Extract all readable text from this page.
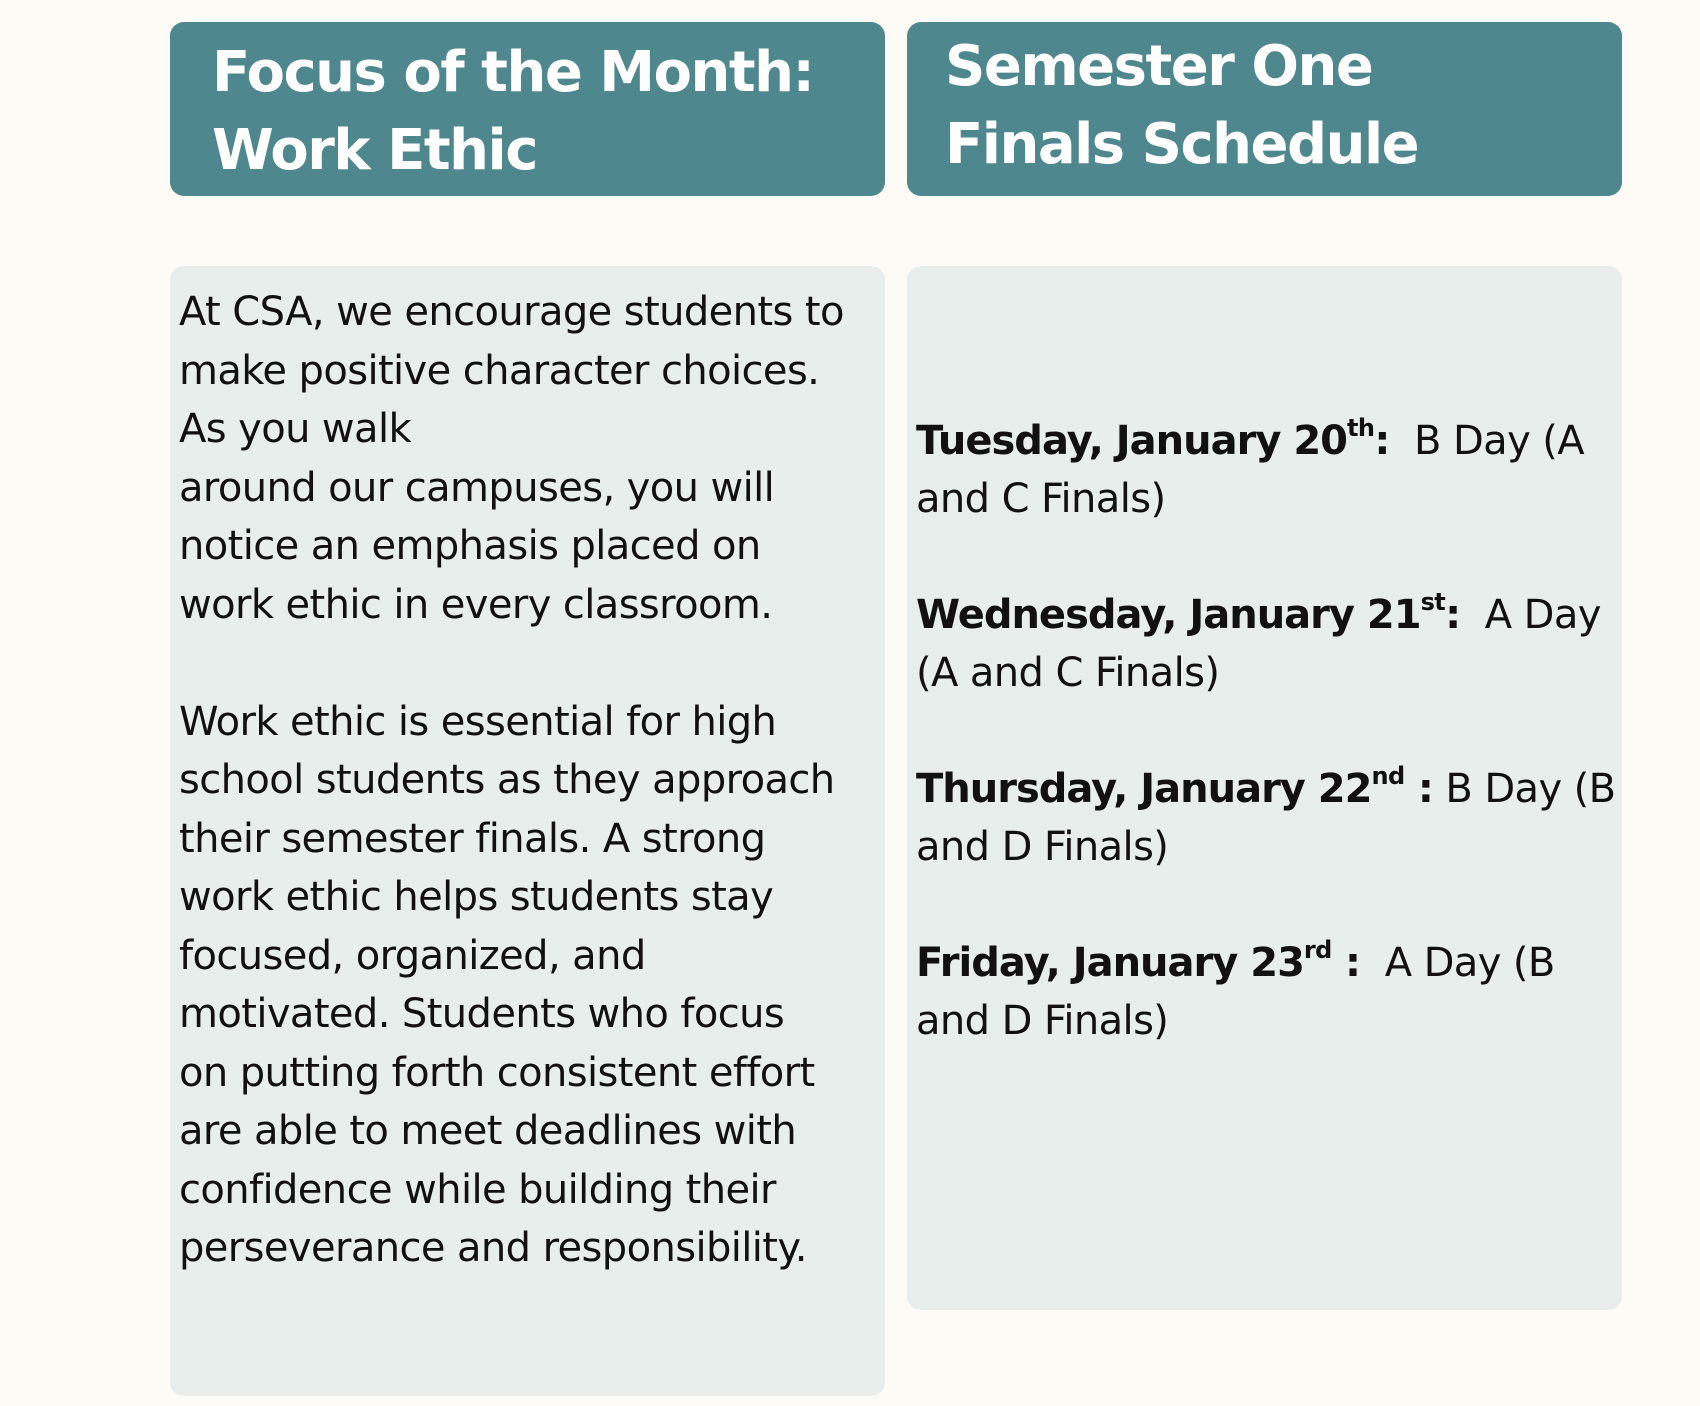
Focus of the Month:
Work Ethic
Semester One
Finals Schedule
At CSA, we encourage students to
make positive character choices.
As you walk
around our campuses, you will
notice an emphasis placed on
work ethic in every classroom.
Work ethic is essential for high
school students as they approach
their semester finals. A strong
work ethic helps students stay
focused, organized, and
motivated. Students who focus
on putting forth consistent effort
are able to meet deadlines with
confidence while building their
perseverance and responsibility.
Tuesday, January 20th:  B Day (A
and C Finals)
Wednesday, January 21st:  A Day
(A and C Finals)
Thursday, January 22nd : B Day (B
and D Finals)
Friday, January 23rd :  A Day (B
and D Finals)
